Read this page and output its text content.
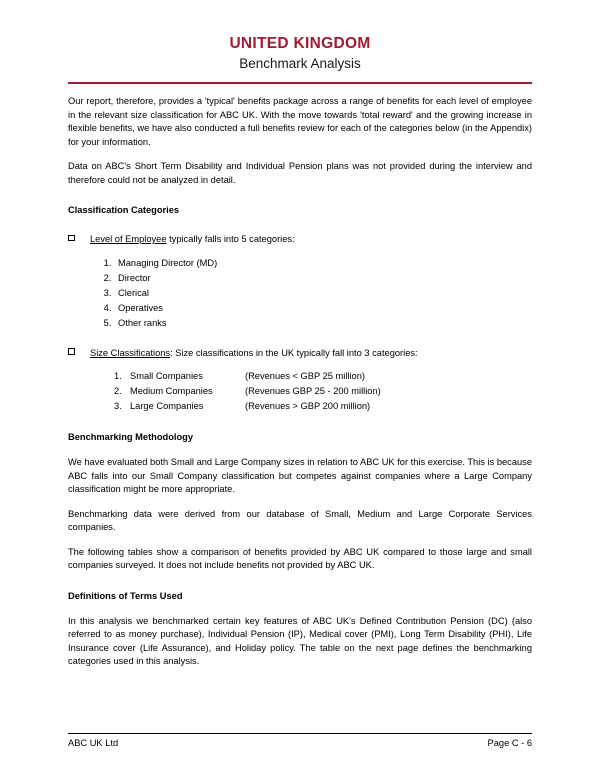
UNITED KINGDOM
Benchmark Analysis

Our report, therefore, provides a 'typical' benefits package across a range of benefits for each level of employee in the relevant size classification for ABC UK. With the move towards 'total reward' and the growing increase in flexible benefits, we have also conducted a full benefits review for each of the categories below (in the Appendix) for your information.

Data on ABC's Short Term Disability and Individual Pension plans was not provided during the interview and therefore could not be analyzed in detail.

Classification Categories

Level of Employee typically falls into 5 categories:
1. Managing Director (MD)
2. Director
3. Clerical
4. Operatives
5. Other ranks
Size Classifications: Size classifications in the UK typically fall into 3 categories:
1. Small Companies	(Revenues < GBP 25 million)
2. Medium Companies	(Revenues GBP 25 - 200 million)
3. Large Companies	(Revenues > GBP 200 million)

Benchmarking Methodology

We have evaluated both Small and Large Company sizes in relation to ABC UK for this exercise. This is because ABC falls into our Small Company classification but competes against companies where a Large Company classification might be more appropriate.

Benchmarking data were derived from our database of Small, Medium and Large Corporate Services companies.

The following tables show a comparison of benefits provided by ABC UK compared to those large and small companies surveyed. It does not include benefits not provided by ABC UK.

Definitions of Terms Used

In this analysis we benchmarked certain key features of ABC UK's Defined Contribution Pension (DC) (also referred to as money purchase), Individual Pension (IP), Medical cover (PMI), Long Term Disability (PHI), Life Insurance cover (Life Assurance), and Holiday policy. The table on the next page defines the benchmarking categories used in this analysis.

ABC UK Ltd	Page C - 6
